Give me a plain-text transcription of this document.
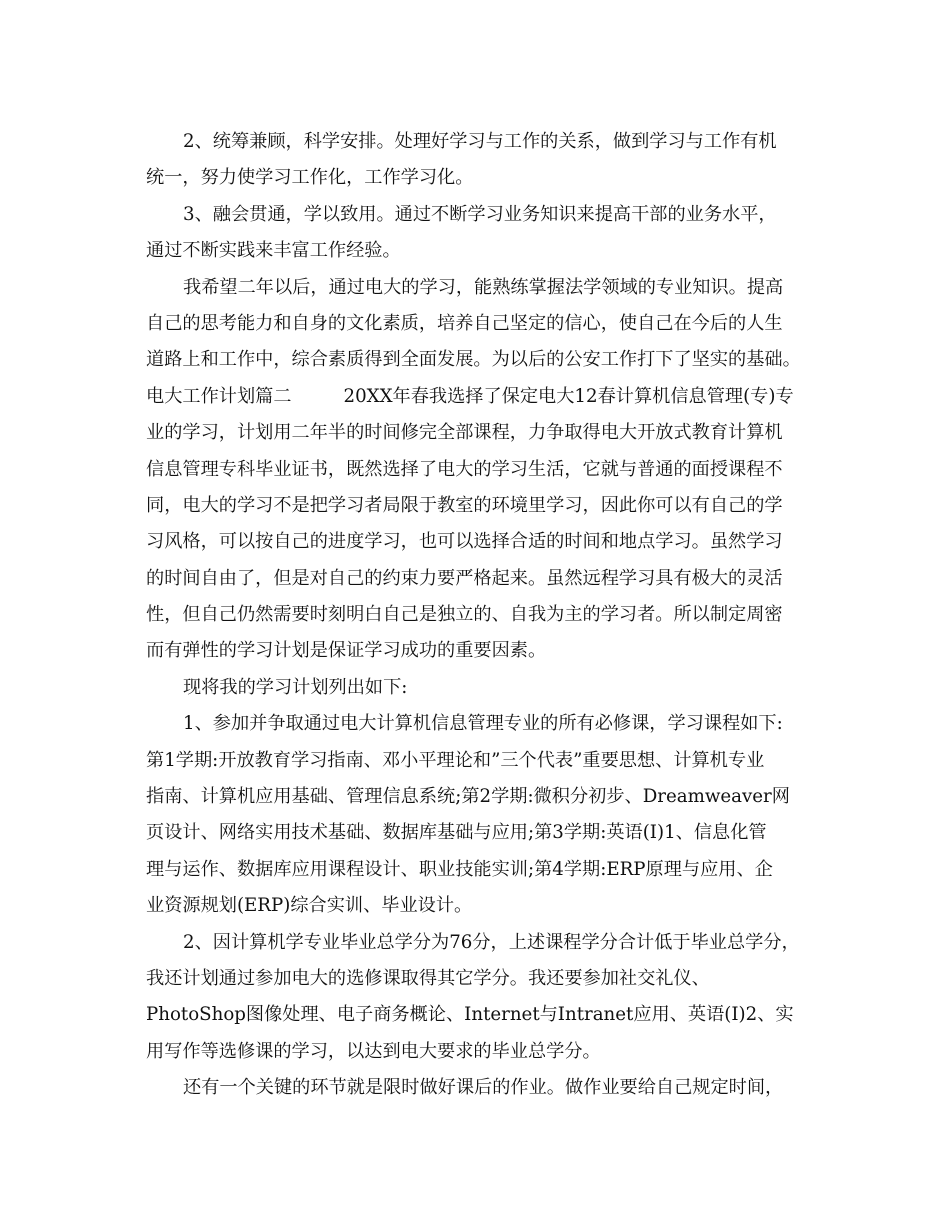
2、统筹兼顾，科学安排。处理好学习与工作的关系，做到学习与工作有机
统一，努力使学习工作化，工作学习化。
3、融会贯通，学以致用。通过不断学习业务知识来提高干部的业务水平，
通过不断实践来丰富工作经验。
我希望二年以后，通过电大的学习，能熟练掌握法学领域的专业知识。提高
自己的思考能力和自身的文化素质，培养自己坚定的信心，使自己在今后的人生
道路上和工作中，综合素质得到全面发展。为以后的公安工作打下了坚实的基础。
电大工作计划篇二	20XX年春我选择了保定电大12春计算机信息管理(专)专
业的学习，计划用二年半的时间修完全部课程，力争取得电大开放式教育计算机
信息管理专科毕业证书，既然选择了电大的学习生活，它就与普通的面授课程不
同，电大的学习不是把学习者局限于教室的环境里学习，因此你可以有自己的学
习风格，可以按自己的进度学习，也可以选择合适的时间和地点学习。虽然学习
的时间自由了，但是对自己的约束力要严格起来。虽然远程学习具有极大的灵活
性，但自己仍然需要时刻明白自己是独立的、自我为主的学习者。所以制定周密
而有弹性的学习计划是保证学习成功的重要因素。
现将我的学习计划列出如下:
1、参加并争取通过电大计算机信息管理专业的所有必修课，学习课程如下:
第1学期:开放教育学习指南、邓小平理论和”三个代表”重要思想、计算机专业
指南、计算机应用基础、管理信息系统;第2学期:微积分初步、Dreamweaver网
页设计、网络实用技术基础、数据库基础与应用;第3学期:英语(I)1、信息化管
理与运作、数据库应用课程设计、职业技能实训;第4学期:ERP原理与应用、企
业资源规划(ERP)综合实训、毕业设计。
2、因计算机学专业毕业总学分为76分，上述课程学分合计低于毕业总学分，
我还计划通过参加电大的选修课取得其它学分。我还要参加社交礼仪、
PhotoShop图像处理、电子商务概论、Internet与Intranet应用、英语(I)2、实
用写作等选修课的学习，以达到电大要求的毕业总学分。
还有一个关键的环节就是限时做好课后的作业。做作业要给自己规定时间，
